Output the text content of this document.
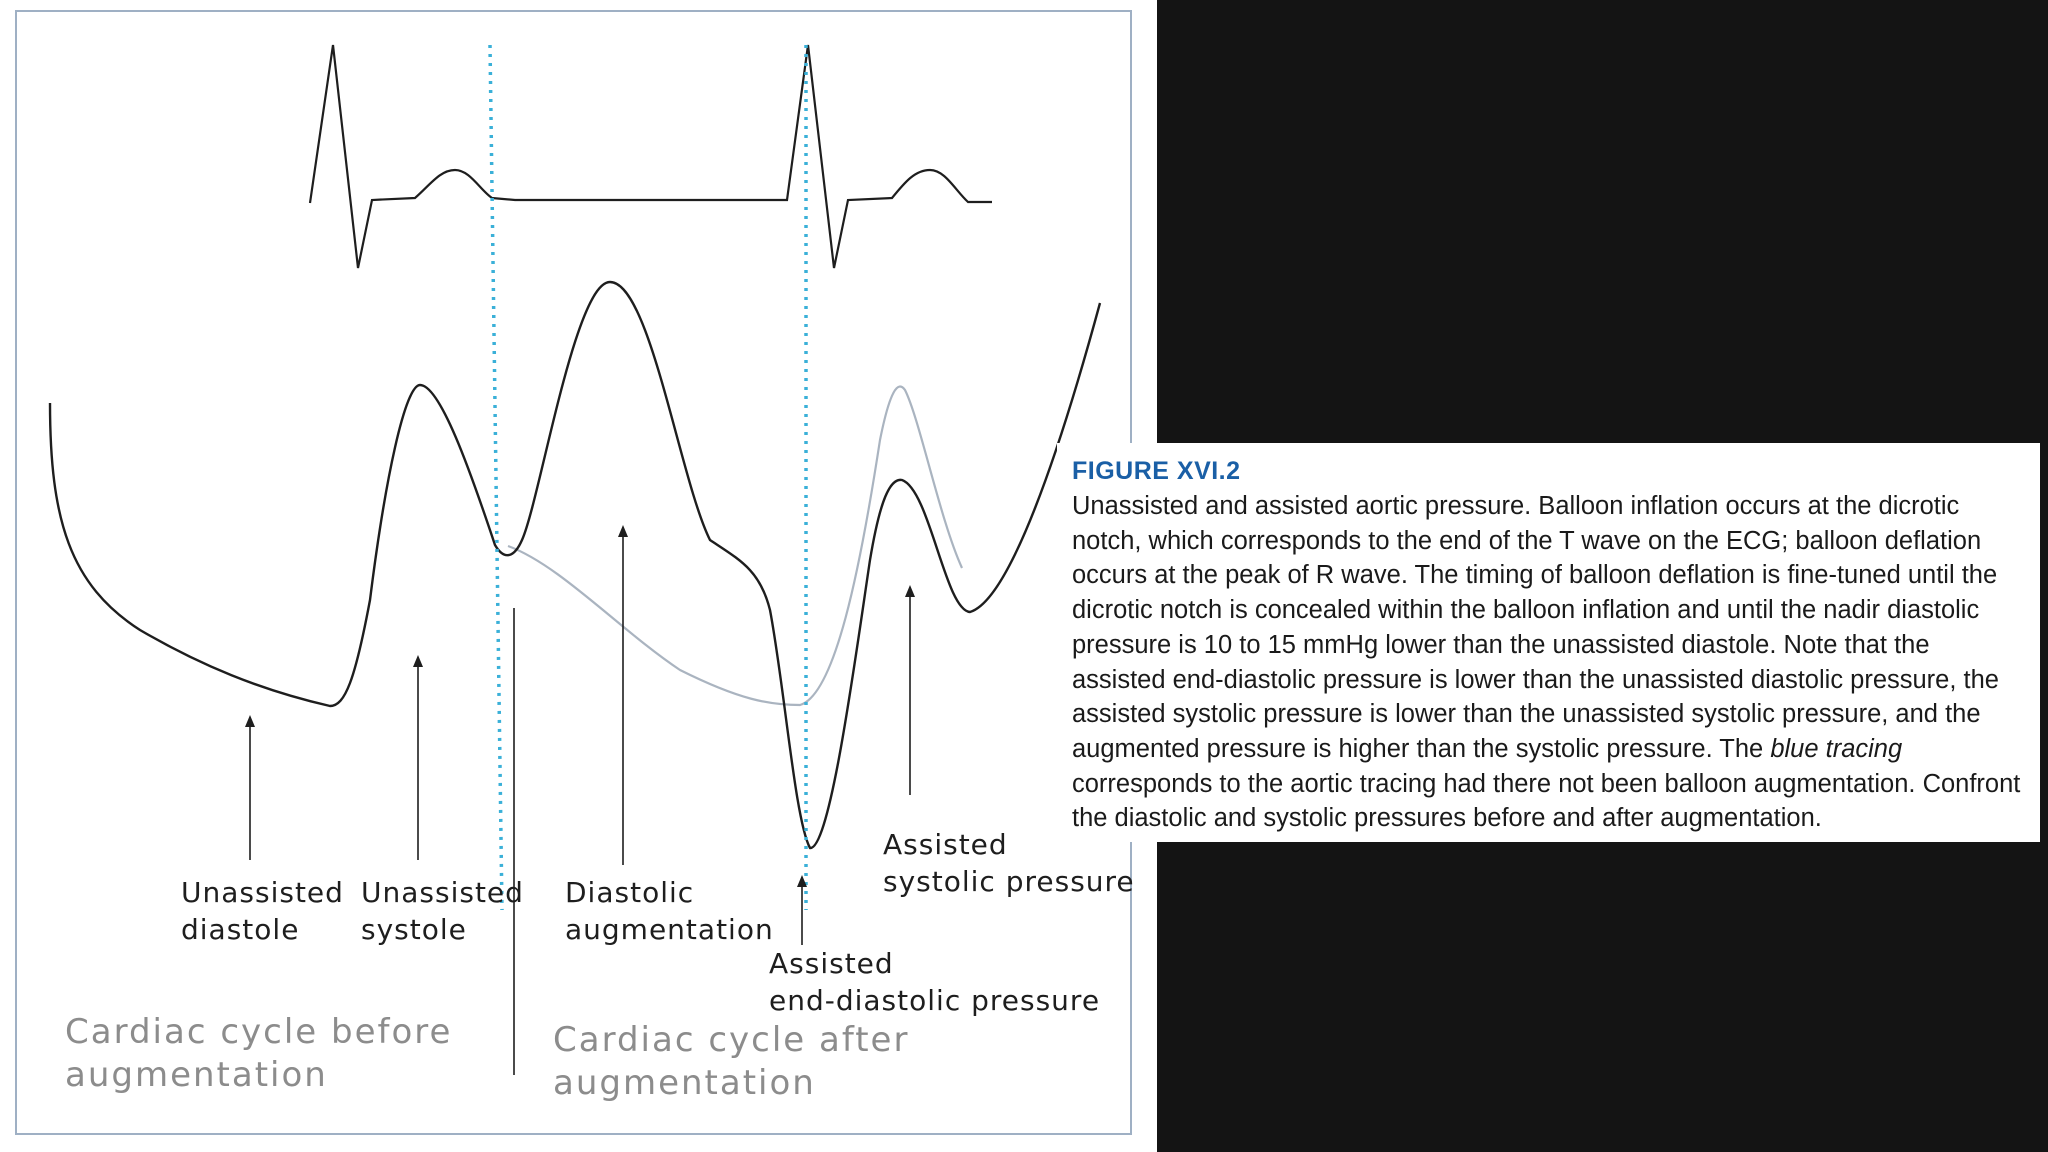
Unassisted
diastole
Unassisted
systole
Diastolic
augmentation
Assisted
systolic pressure
Assisted
end-diastolic pressure
Cardiac cycle before
augmentation
Cardiac cycle after
augmentation
FIGURE XVI.2

Unassisted and assisted aortic pressure. Balloon inflation occurs at the dicrotic notch, which corresponds to the end of the T wave on the ECG; balloon deflation occurs at the peak of R wave. The timing of balloon deflation is fine-tuned until the dicrotic notch is concealed within the balloon inflation and until the nadir diastolic pressure is 10 to 15 mmHg lower than the unassisted diastole. Note that the assisted end-diastolic pressure is lower than the unassisted diastolic pressure, the assisted systolic pressure is lower than the unassisted systolic pressure, and the augmented pressure is higher than the systolic pressure. The blue tracing corresponds to the aortic tracing had there not been balloon augmentation. Confront the diastolic and systolic pressures before and after augmentation.
